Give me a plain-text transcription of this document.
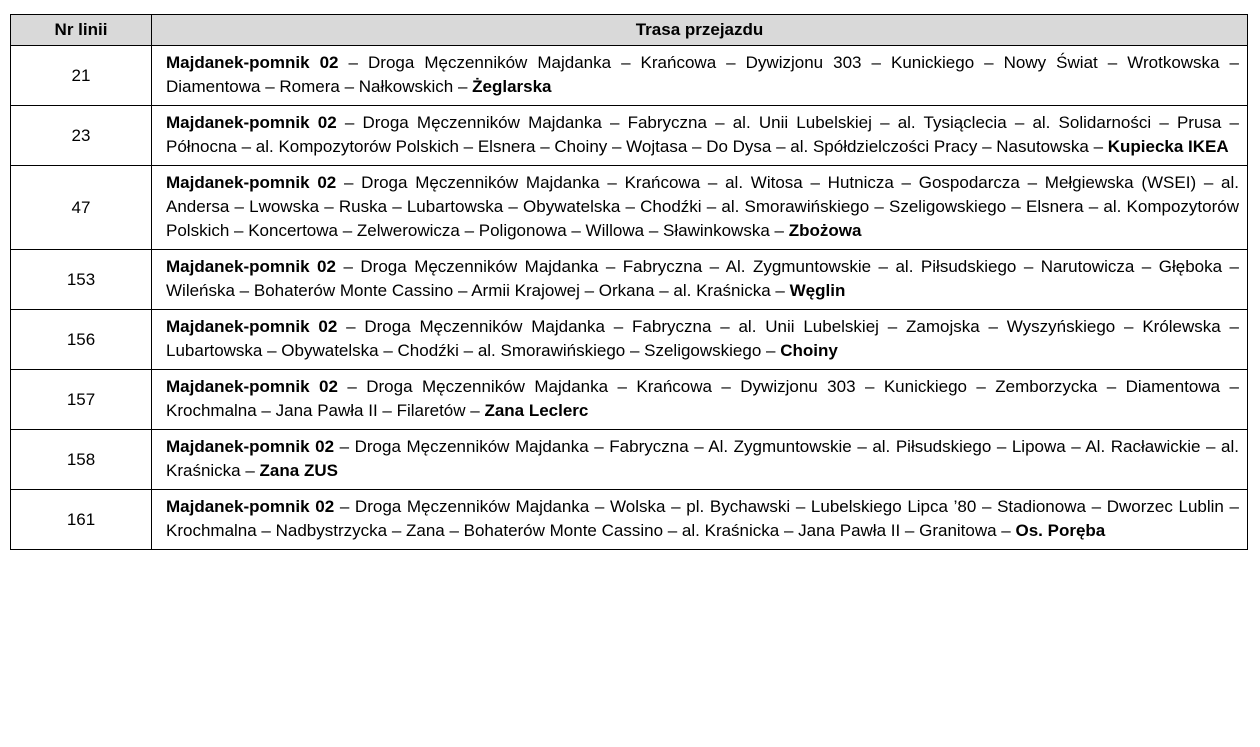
Nr linii	Trasa przejazdu
21	Majdanek-pomnik 02 – Droga Męczenników Majdanka – Krańcowa – Dywizjonu 303 – Kunickiego – Nowy Świat – Wrotkowska – Diamentowa – Romera – Nałkowskich – Żeglarska
23	Majdanek-pomnik 02 – Droga Męczenników Majdanka – Fabryczna – al. Unii Lubelskiej – al. Tysiąclecia – al. Solidarności – Prusa – Północna – al. Kompozytorów Polskich – Elsnera – Choiny – Wojtasa – Do Dysa – al. Spółdzielczości Pracy – Nasutowska – Kupiecka IKEA
47	Majdanek-pomnik 02 – Droga Męczenników Majdanka – Krańcowa – al. Witosa – Hutnicza – Gospodarcza – Mełgiewska (WSEI) – al. Andersa – Lwowska – Ruska – Lubartowska – Obywatelska – Chodźki – al. Smorawińskiego – Szeligowskiego – Elsnera – al. Kompozytorów Polskich – Koncertowa – Zelwerowicza – Poligonowa – Willowa – Sławinkowska – Zbożowa
153	Majdanek-pomnik 02 – Droga Męczenników Majdanka – Fabryczna – Al. Zygmuntowskie – al. Piłsudskiego – Narutowicza – Głęboka – Wileńska – Bohaterów Monte Cassino – Armii Krajowej – Orkana – al. Kraśnicka – Węglin
156	Majdanek-pomnik 02 – Droga Męczenników Majdanka – Fabryczna – al. Unii Lubelskiej – Zamojska – Wyszyńskiego – Królewska – Lubartowska – Obywatelska – Chodźki – al. Smorawińskiego – Szeligowskiego – Choiny
157	Majdanek-pomnik 02 – Droga Męczenników Majdanka – Krańcowa – Dywizjonu 303 – Kunickiego – Zemborzycka – Diamentowa – Krochmalna – Jana Pawła II – Filaretów – Zana Leclerc
158	Majdanek-pomnik 02 – Droga Męczenników Majdanka – Fabryczna – Al. Zygmuntowskie – al. Piłsudskiego – Lipowa – Al. Racławickie – al. Kraśnicka – Zana ZUS
161	Majdanek-pomnik 02 – Droga Męczenników Majdanka – Wolska – pl. Bychawski – Lubelskiego Lipca ’80 – Stadionowa – Dworzec Lublin – Krochmalna – Nadbystrzycka – Zana – Bohaterów Monte Cassino – al. Kraśnicka – Jana Pawła II – Granitowa – Os. Poręba
